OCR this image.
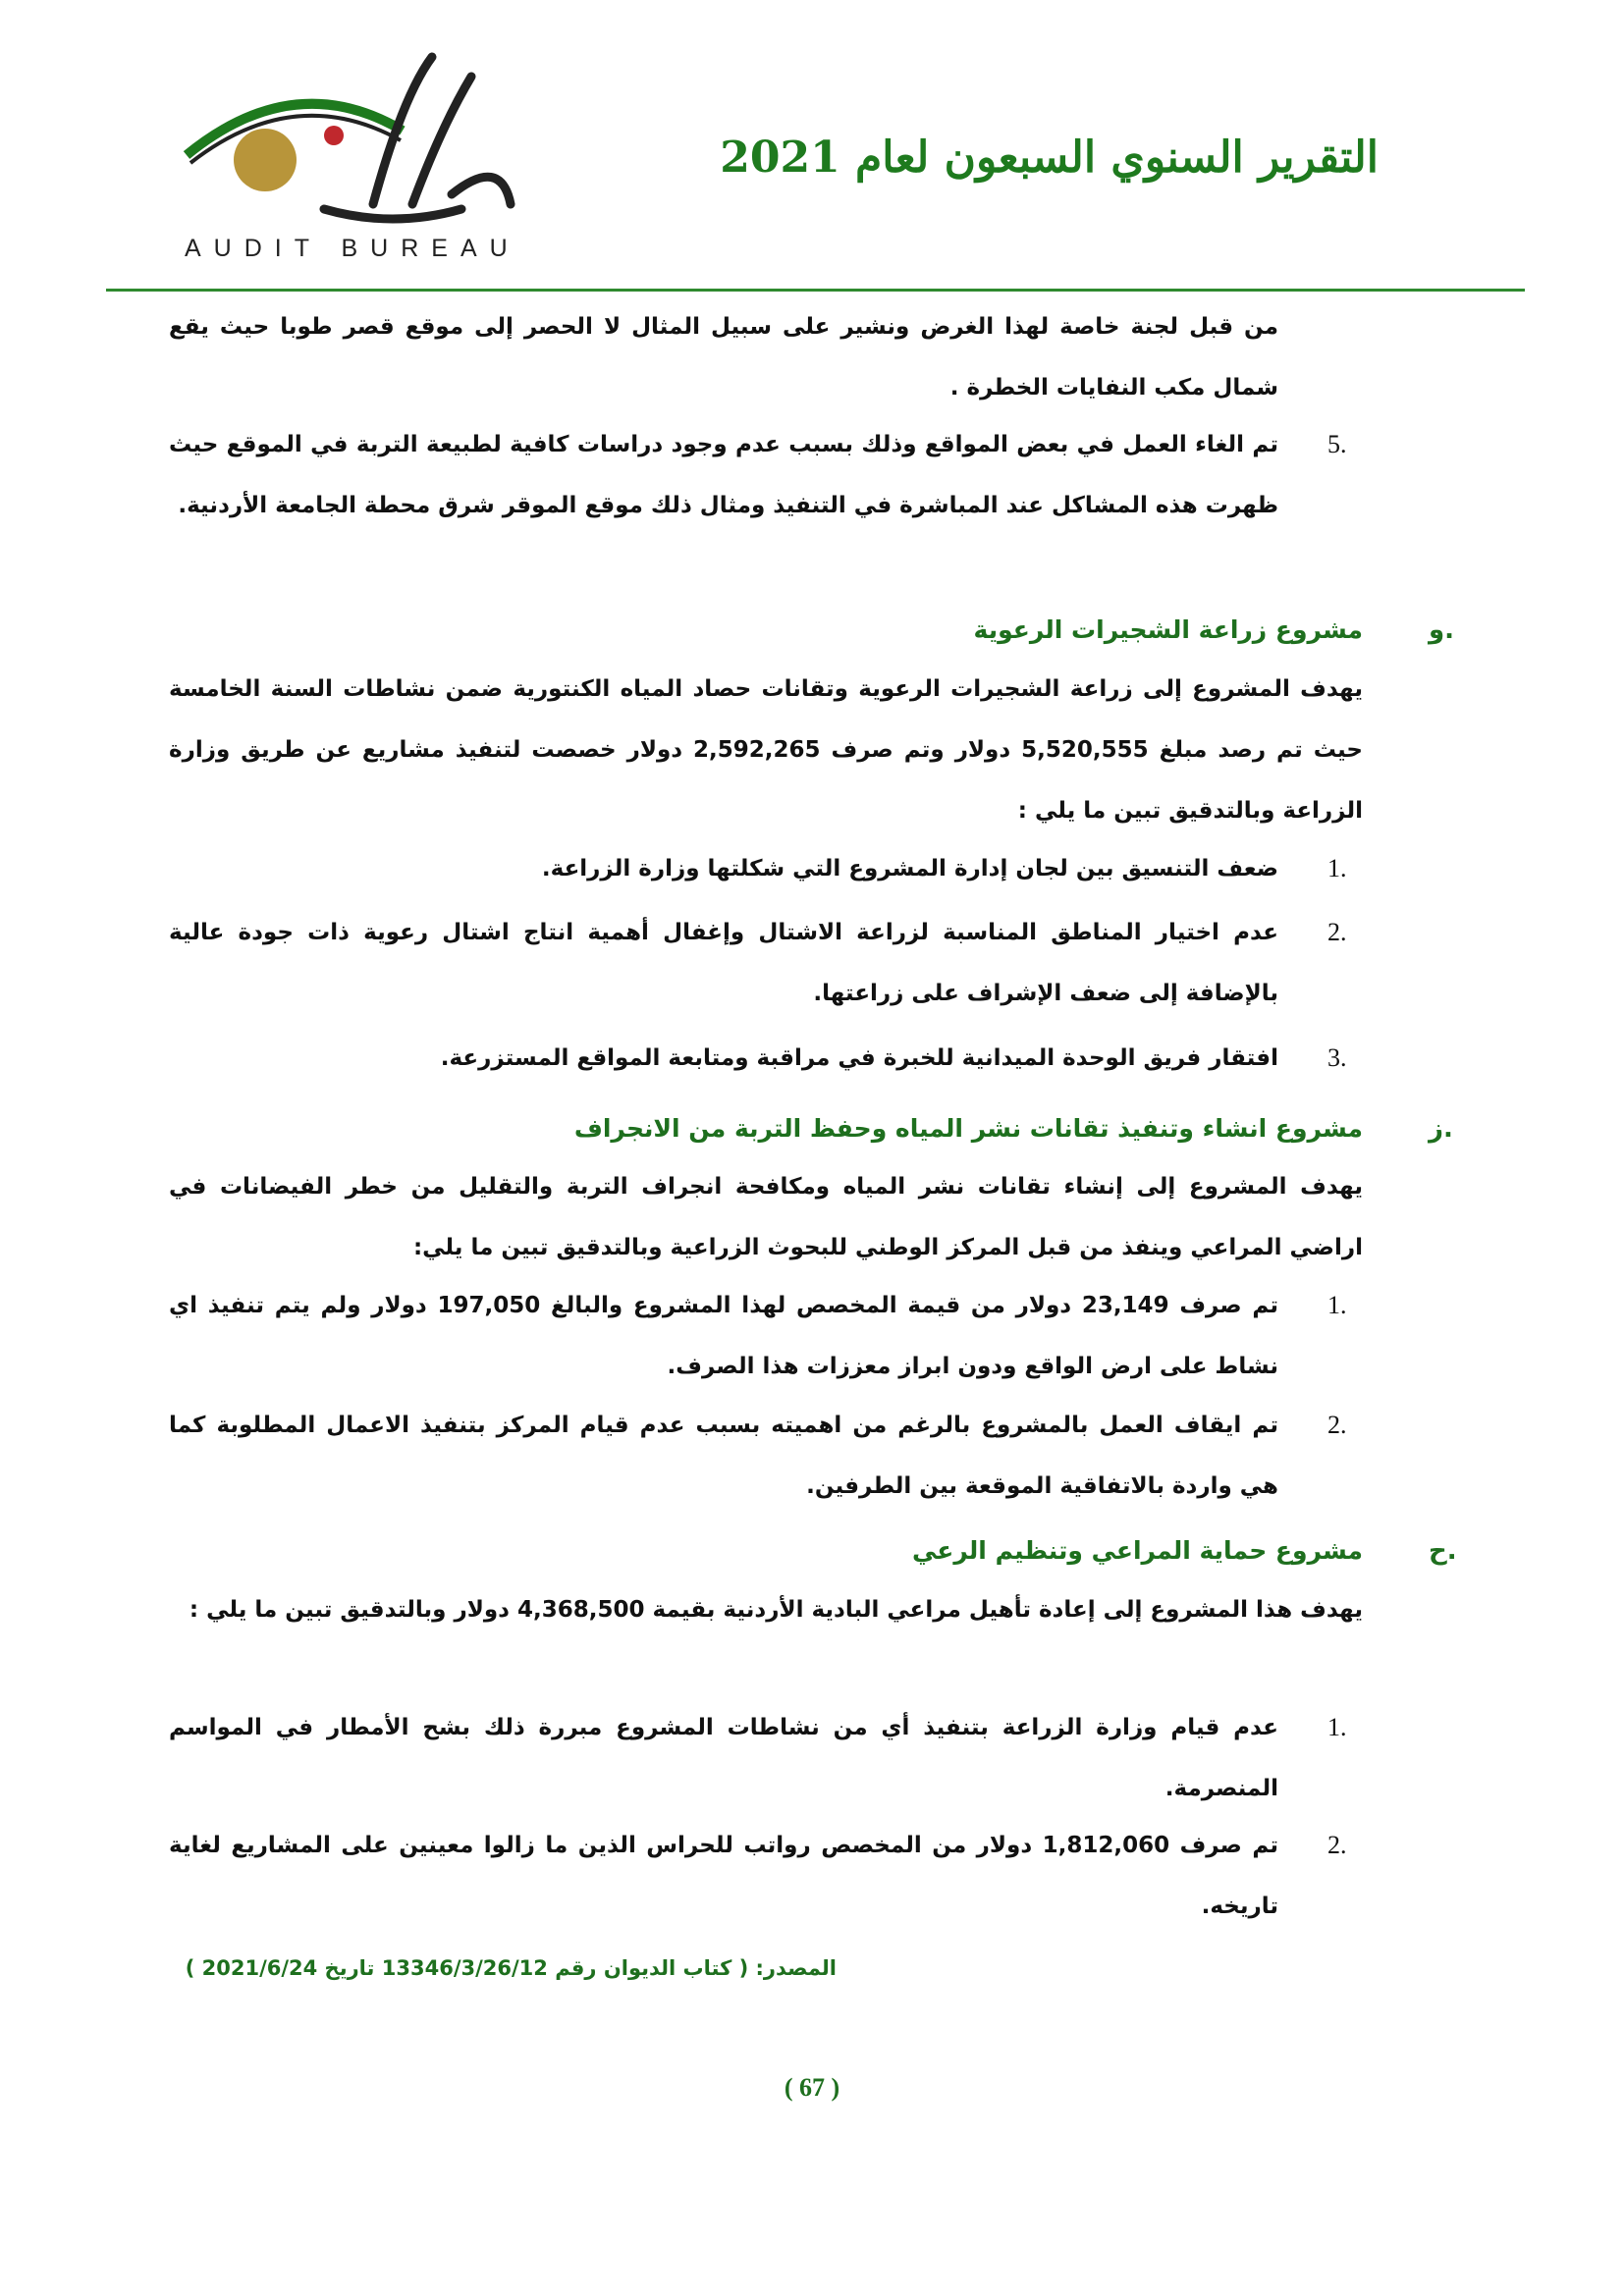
التقرير السنوي السبعون لعام 2021
AUDIT BUREAU
من قبل لجنة خاصة لهذا الغرض ونشير على سبيل المثال لا الحصر إلى موقع قصر طوبا حيث يقع شمال مكب النفايات الخطرة .
5.
تم الغاء العمل في بعض المواقع وذلك بسبب عدم وجود دراسات كافية لطبيعة التربة في الموقع حيث ظهرت هذه المشاكل عند المباشرة في التنفيذ ومثال ذلك موقع الموقر شرق محطة الجامعة الأردنية.
و.
مشروع زراعة الشجيرات الرعوية
يهدف المشروع إلى زراعة الشجيرات الرعوية وتقانات حصاد المياه الكنتورية ضمن نشاطات السنة الخامسة حيث تم رصد مبلغ 5,520,555 دولار وتم صرف 2,592,265 دولار خصصت لتنفيذ مشاريع عن طريق وزارة الزراعة وبالتدقيق تبين ما يلي :
1.
ضعف التنسيق بين لجان إدارة المشروع التي شكلتها وزارة الزراعة.
2.
عدم اختيار المناطق المناسبة لزراعة الاشتال وإغفال أهمية انتاج اشتال رعوية ذات جودة عالية بالإضافة إلى ضعف الإشراف على زراعتها.
3.
افتقار فريق الوحدة الميدانية للخبرة في مراقبة ومتابعة المواقع المستزرعة.
ز.
مشروع انشاء وتنفيذ تقانات نشر المياه وحفظ التربة من الانجراف
يهدف المشروع إلى إنشاء تقانات نشر المياه ومكافحة انجراف التربة والتقليل من خطر الفيضانات في اراضي المراعي وينفذ من قبل المركز الوطني للبحوث الزراعية وبالتدقيق تبين ما يلي:
1.
تم صرف 23,149 دولار من قيمة المخصص لهذا المشروع والبالغ 197,050 دولار ولم يتم تنفيذ اي نشاط على ارض الواقع ودون ابراز معززات هذا الصرف.
2.
تم ايقاف العمل بالمشروع بالرغم من اهميته بسبب عدم قيام المركز بتنفيذ الاعمال المطلوبة كما هي واردة بالاتفاقية الموقعة بين الطرفين.
ح.
مشروع حماية المراعي وتنظيم الرعي
يهدف هذا المشروع إلى إعادة تأهيل مراعي البادية الأردنية بقيمة 4,368,500 دولار وبالتدقيق تبين ما يلي :
1.
عدم قيام وزارة الزراعة بتنفيذ أي من نشاطات المشروع مبررة ذلك بشح الأمطار في المواسم المنصرمة.
2.
تم صرف 1,812,060 دولار من المخصص رواتب للحراس الذين ما زالوا معينين على المشاريع لغاية تاريخه.
المصدر: ( كتاب الديوان رقم 13346/3/26/12 تاريخ 2021/6/24 )
( 67 )
